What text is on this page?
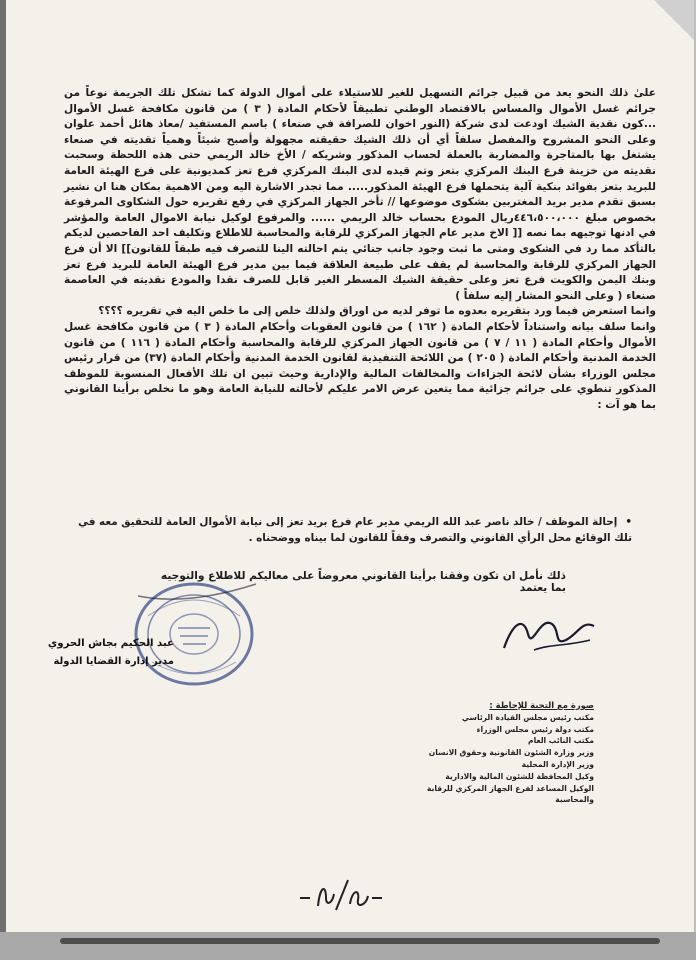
علىٰ ذلك النحو يعد من قبيل جرائم التسهيل للغير للاستيلاء على أموال الدولة كما تشكل تلك الجريمة نوعاً من جرائم غسل الأموال والمساس بالاقتصاد الوطني تطبيقاً لأحكام المادة ( ٣ ) من قانون مكافحة غسل الأموال ...كون نقدية الشيك اودعت لدى شركة (النور اخوان للصرافة في صنعاء ) باسم المستفيد /معاذ هائل أحمد علوان وعلى النحو المشروح والمفصل سلفاً أي أن ذلك الشيك حقيقته مجهولة وأصبح شيئاً وهمياً تقديته في صنعاء يشتغل بها بالمتاجرة والمضاربة بالعملة لحساب المذكور وشريكه / الأخ خالد الريمي حتى هذه اللحظة وسحبت نقديته من خزينة فرع البنك المركزي بتعز وتم قيده لدى البنك المركزي فرع تعز كمديونية على فرع الهيئة العامة للبريد بتعز بفوائد بنكية آلية يتحملها فرع الهيئة المذكور..... مما تجدر الاشارة اليه ومن الاهمية بمكان هنا ان نشير بسبق تقدم مدير بريد المغتربين بشكوى موضوعها // تأخر الجهاز المركزي في رفع تقريره حول الشكاوى المرفوعة بخصوص مبلغ ٤٤٦،٥٠٠،٠٠٠ريال المودع بحساب خالد الريمي ...... والمرفوع لوكيل نيابة الاموال العامة والمؤشر في ادنها توجيهه بما نصه [[ الاخ مدير عام الجهاز المركزي للرقابة والمحاسبة للاطلاع وتكليف احد الفاحصين لديكم بالتأكد مما رد في الشكوى ومتى ما ثبت وجود جانب جنائي يتم احالته الينا للتصرف فيه طبقاً للقانون]] الا أن فرع الجهاز المركزي للرقابة والمحاسبة لم يقف على طبيعة العلاقة فيما بين مدير فرع الهيئة العامة للبريد فرع تعز وبنك اليمن والكويت فرع تعز وعلى حقيقة الشيك المسطر الغير قابل للصرف نقدا والمودع نقديته في العاصمة صنعاء ( وعلى النحو المشار إليه سلفاً )

وانما استعرض فيما ورد بتقريره بعدوه ما توفر لديه من اوراق ولذلك خلص إلى ما خلص اليه في تقريره ؟؟؟؟

وانما سلف بيانه واستناداً لأحكام المادة ( ١٦٢ ) من قانون العقوبات وأحكام المادة ( ٣ ) من قانون مكافحة غسل الأموال وأحكام المادة ( ١١ / ٧ ) من قانون الجهاز المركزي للرقابة والمحاسبة وأحكام المادة ( ١١٦ ) من قانون الخدمة المدنية وأحكام المادة ( ٢٠٥ ) من اللائحة التنفيذية لقانون الخدمة المدنية وأحكام المادة (٣٧) من قرار رئيس مجلس الوزراء بشأن لائحة الجزاءات والمخالفات المالية والإدارية وحيث تبين ان تلك الأفعال المنسوبة للموظف المذكور تنطوي على جرائم جزائية مما يتعين عرض الامر عليكم لأحالته للنيابة العامة وهو ما نخلص برأينا القانوني بما هو آت :

•إحالة الموظف / خالد ناصر عبد الله الريمي مدير عام فرع بريد تعز إلى نيابة الأموال العامة للتحقيق معه في تلك الوقائع محل الرأي القانوني والتصرف وفقاً للقانون لما بيناه ووضحناه .
ذلك نأمل ان تكون وفقنا برأينا القانوني معروضاً على معاليكم للاطلاع والتوجيه بما يعتمد
عبد الحكيم بجاش الحروي
مدير إدارة القضايا الدولة
صورة مع التحية للإحاطة :
مكتب رئيس مجلس القيادة الرئاسي
مكتب دولة رئيس مجلس الوزراء
مكتب النائب العام
وزير وزارة الشئون القانونية وحقوق الانسان
وزير الإدارة المحلية
وكيل المحافظة للشئون المالية والادارية
الوكيل المساعد لفرع الجهاز المركزي للرقابة والمحاسبة
